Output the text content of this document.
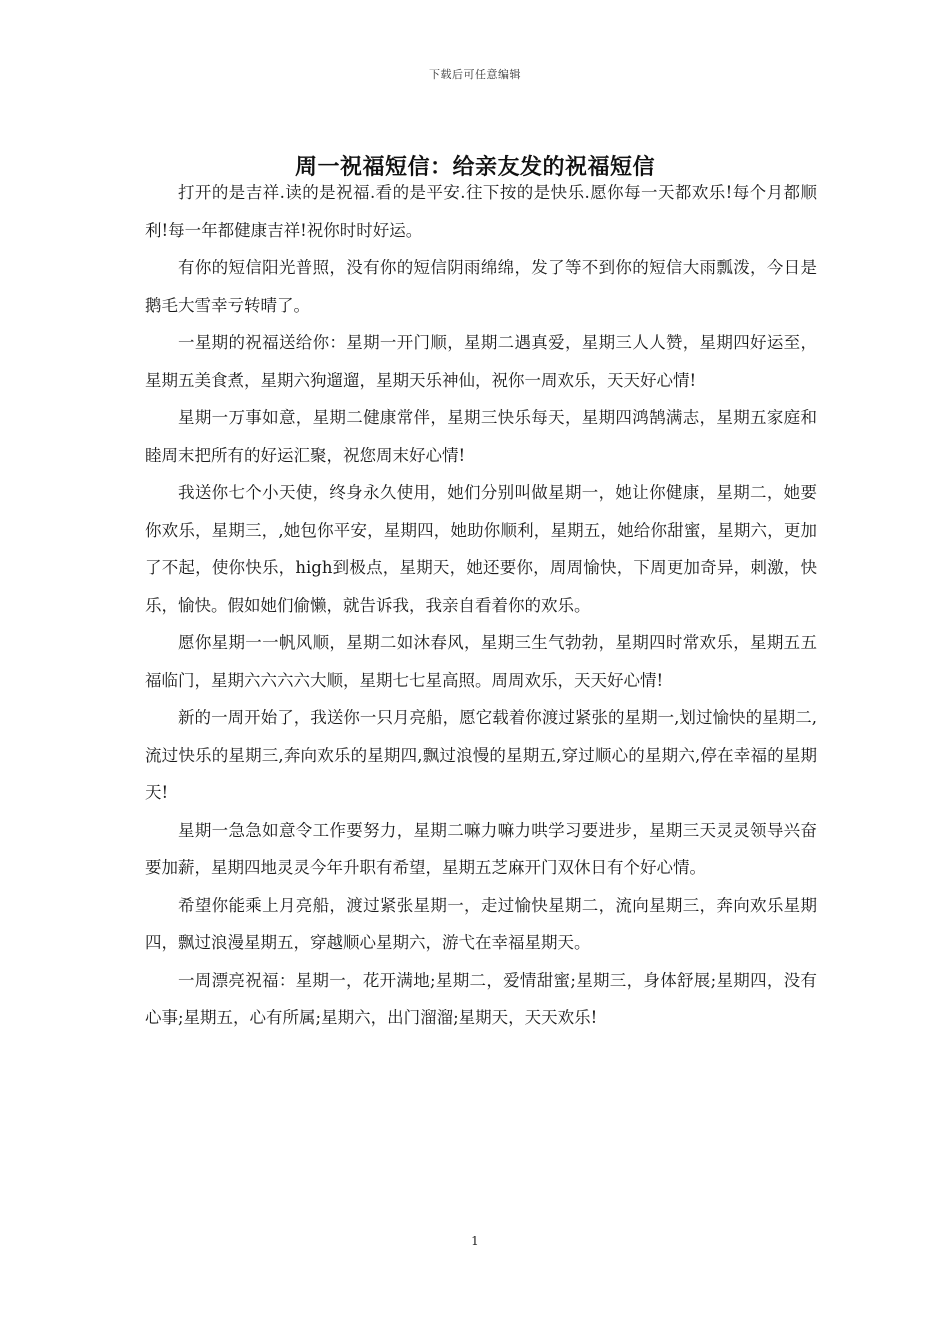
下载后可任意编辑
周一祝福短信：给亲友发的祝福短信

打开的是吉祥.读的是祝福.看的是平安.往下按的是快乐.愿你每一天都欢乐!每个月都顺利!每一年都健康吉祥!祝你时时好运。

有你的短信阳光普照，没有你的短信阴雨绵绵，发了等不到你的短信大雨瓢泼，今日是鹅毛大雪幸亏转晴了。

一星期的祝福送给你：星期一开门顺，星期二遇真爱，星期三人人赞，星期四好运至，星期五美食煮，星期六狗遛遛，星期天乐神仙，祝你一周欢乐，天天好心情!

星期一万事如意，星期二健康常伴，星期三快乐每天，星期四鸿鹄满志，星期五家庭和睦周末把所有的好运汇聚，祝您周末好心情!

我送你七个小天使，终身永久使用，她们分别叫做星期一，她让你健康，星期二，她要你欢乐，星期三，,她包你平安，星期四，她助你顺利，星期五，她给你甜蜜，星期六，更加了不起，使你快乐，high到极点，星期天，她还要你，周周愉快，下周更加奇异，刺激，快乐，愉快。假如她们偷懒，就告诉我，我亲自看着你的欢乐。

愿你星期一一帆风顺，星期二如沐春风，星期三生气勃勃，星期四时常欢乐，星期五五福临门，星期六六六六大顺，星期七七星高照。周周欢乐，天天好心情!

新的一周开始了，我送你一只月亮船，愿它载着你渡过紧张的星期一,划过愉快的星期二,流过快乐的星期三,奔向欢乐的星期四,飘过浪慢的星期五,穿过顺心的星期六,停在幸福的星期天!

星期一急急如意令工作要努力，星期二嘛力嘛力哄学习要进步，星期三天灵灵领导兴奋要加薪，星期四地灵灵今年升职有希望，星期五芝麻开门双休日有个好心情。

希望你能乘上月亮船，渡过紧张星期一，走过愉快星期二，流向星期三，奔向欢乐星期四，飘过浪漫星期五，穿越顺心星期六，游弋在幸福星期天。

一周漂亮祝福：星期一，花开满地;星期二，爱情甜蜜;星期三，身体舒展;星期四，没有心事;星期五，心有所属;星期六，出门溜溜;星期天，天天欢乐!

1
